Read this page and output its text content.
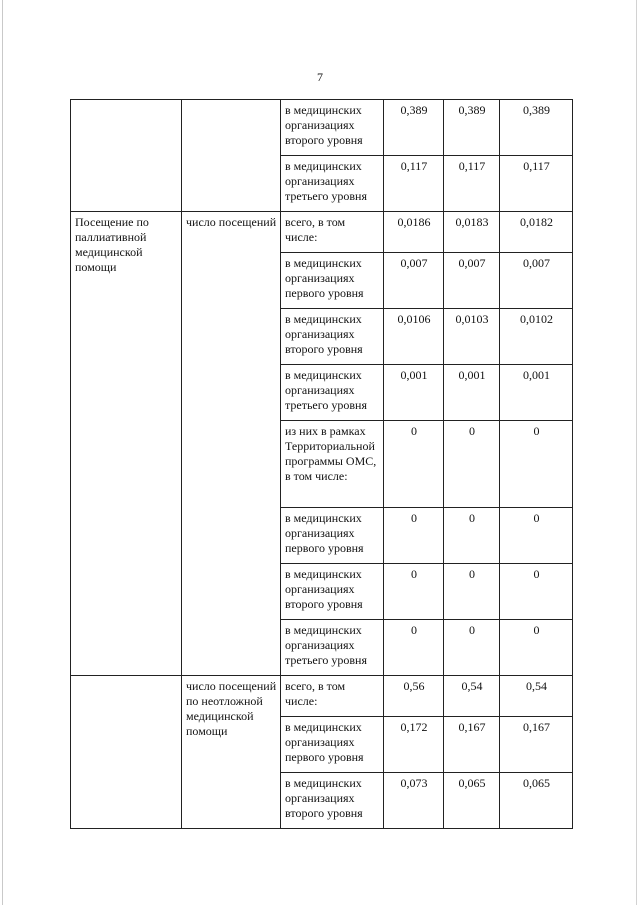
7
		в медицинских организациях второго уровня	0,389	0,389	0,389
		в медицинских организациях третьего уровня	0,117	0,117	0,117
Посещение по паллиативной медицинской помощи	число посещений	всего, в том числе:	0,0186	0,0183	0,0182
		в медицинских организациях первого уровня	0,007	0,007	0,007
		в медицинских организациях второго уровня	0,0106	0,0103	0,0102
		в медицинских организациях третьего уровня	0,001	0,001	0,001
		из них в рамках Территориальной программы ОМС, в том числе:	0	0	0
		в медицинских организациях первого уровня	0	0	0
		в медицинских организациях второго уровня	0	0	0
		в медицинских организациях третьего уровня	0	0	0
	число посещений по неотложной медицинской помощи	всего, в том числе:	0,56	0,54	0,54
		в медицинских организациях первого уровня	0,172	0,167	0,167
		в медицинских организациях второго уровня	0,073	0,065	0,065
